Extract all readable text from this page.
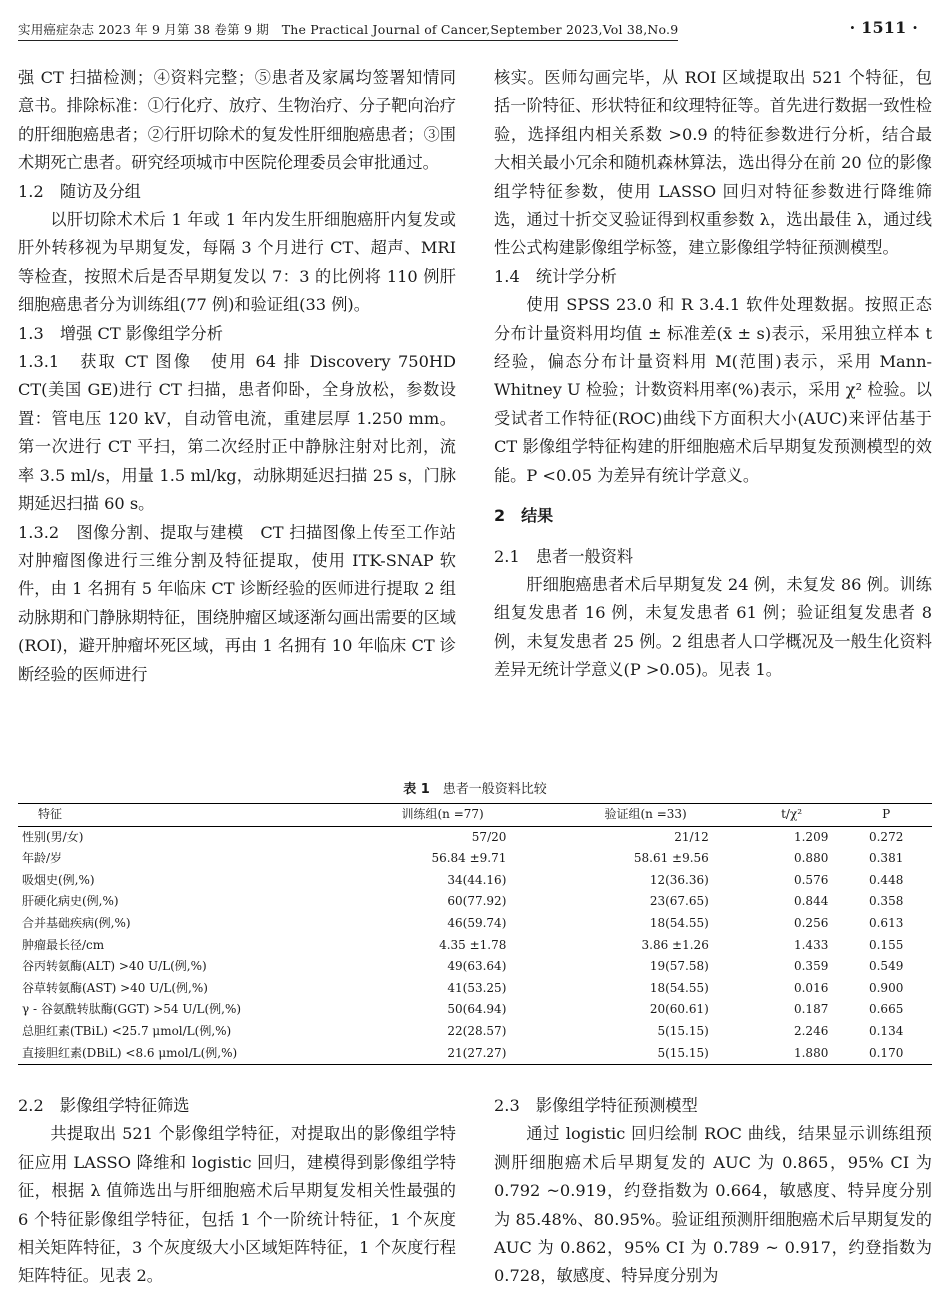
实用癌症杂志 2023 年 9 月第 38 卷第 9 期　The Practical Journal of Cancer,September 2023,Vol 38,No.9	· 1511 ·

强 CT 扫描检测；④资料完整；⑤患者及家属均签署知情同意书。排除标准：①行化疗、放疗、生物治疗、分子靶向治疗的肝细胞癌患者；②行肝切除术的复发性肝细胞癌患者；③围术期死亡患者。研究经项城市中医院伦理委员会审批通过。

1.2　随访及分组

以肝切除术术后 1 年或 1 年内发生肝细胞癌肝内复发或肝外转移视为早期复发，每隔 3 个月进行 CT、超声、MRI 等检查，按照术后是否早期复发以 7：3 的比例将 110 例肝细胞癌患者分为训练组(77 例)和验证组(33 例)。

1.3　增强 CT 影像组学分析

1.3.1　获取 CT 图像　使用 64 排 Discovery 750HD CT(美国 GE)进行 CT 扫描，患者仰卧，全身放松，参数设置：管电压 120 kV，自动管电流，重建层厚 1.250 mm。第一次进行 CT 平扫，第二次经肘正中静脉注射对比剂，流率 3.5 ml/s，用量 1.5 ml/kg，动脉期延迟扫描 25 s，门脉期延迟扫描 60 s。

1.3.2　图像分割、提取与建模　CT 扫描图像上传至工作站对肿瘤图像进行三维分割及特征提取，使用 ITK-SNAP 软件，由 1 名拥有 5 年临床 CT 诊断经验的医师进行提取 2 组动脉期和门静脉期特征，围绕肿瘤区域逐渐勾画出需要的区域(ROI)，避开肿瘤坏死区域，再由 1 名拥有 10 年临床 CT 诊断经验的医师进行

核实。医师勾画完毕，从 ROI 区域提取出 521 个特征，包括一阶特征、形状特征和纹理特征等。首先进行数据一致性检验，选择组内相关系数 >0.9 的特征参数进行分析，结合最大相关最小冗余和随机森林算法，选出得分在前 20 位的影像组学特征参数，使用 LASSO 回归对特征参数进行降维筛选，通过十折交叉验证得到权重参数 λ，选出最佳 λ，通过线性公式构建影像组学标签，建立影像组学特征预测模型。

1.4　统计学分析

使用 SPSS 23.0 和 R 3.4.1 软件处理数据。按照正态分布计量资料用均值 ± 标准差(x̄ ± s)表示，采用独立样本 t 经验，偏态分布计量资料用 M(范围)表示，采用 Mann-Whitney U 检验；计数资料用率(%)表示，采用 χ² 检验。以受试者工作特征(ROC)曲线下方面积大小(AUC)来评估基于 CT 影像组学特征构建的肝细胞癌术后早期复发预测模型的效能。P <0.05 为差异有统计学意义。

2　结果

2.1　患者一般资料

肝细胞癌患者术后早期复发 24 例，未复发 86 例。训练组复发患者 16 例，未复发患者 61 例；验证组复发患者 8 例，未复发患者 25 例。2 组患者人口学概况及一般生化资料差异无统计学意义(P >0.05)。见表 1。

表 1　 患者一般资料比较
特征	训练组(n =77)	验证组(n =33)	t/χ²	P
性别(男/女)	57/20	21/12	1.209	0.272
年龄/岁	56.84 ±9.71	58.61 ±9.56	0.880	0.381
吸烟史(例,%)	34(44.16)	12(36.36)	0.576	0.448
肝硬化病史(例,%)	60(77.92)	23(67.65)	0.844	0.358
合并基础疾病(例,%)	46(59.74)	18(54.55)	0.256	0.613
肿瘤最长径/cm	4.35 ±1.78	3.86 ±1.26	1.433	0.155
谷丙转氨酶(ALT) >40 U/L(例,%)	49(63.64)	19(57.58)	0.359	0.549
谷草转氨酶(AST) >40 U/L(例,%)	41(53.25)	18(54.55)	0.016	0.900
γ - 谷氨酰转肽酶(GGT) >54 U/L(例,%)	50(64.94)	20(60.61)	0.187	0.665
总胆红素(TBiL) <25.7 μmol/L(例,%)	22(28.57)	5(15.15)	2.246	0.134
直接胆红素(DBiL) <8.6 μmol/L(例,%)	21(27.27)	5(15.15)	1.880	0.170

2.2　影像组学特征筛选

共提取出 521 个影像组学特征，对提取出的影像组学特征应用 LASSO 降维和 logistic 回归，建模得到影像组学特征，根据 λ 值筛选出与肝细胞癌术后早期复发相关性最强的 6 个特征影像组学特征，包括 1 个一阶统计特征，1 个灰度相关矩阵特征，3 个灰度级大小区域矩阵特征，1 个灰度行程矩阵特征。见表 2。

2.3　影像组学特征预测模型

通过 logistic 回归绘制 ROC 曲线，结果显示训练组预测肝细胞癌术后早期复发的 AUC 为 0.865，95% CI 为 0.792 ~0.919，约登指数为 0.664，敏感度、特异度分别为 85.48%、80.95%。验证组预测肝细胞癌术后早期复发的 AUC 为 0.862，95% CI 为 0.789 ~ 0.917，约登指数为 0.728，敏感度、特异度分别为
